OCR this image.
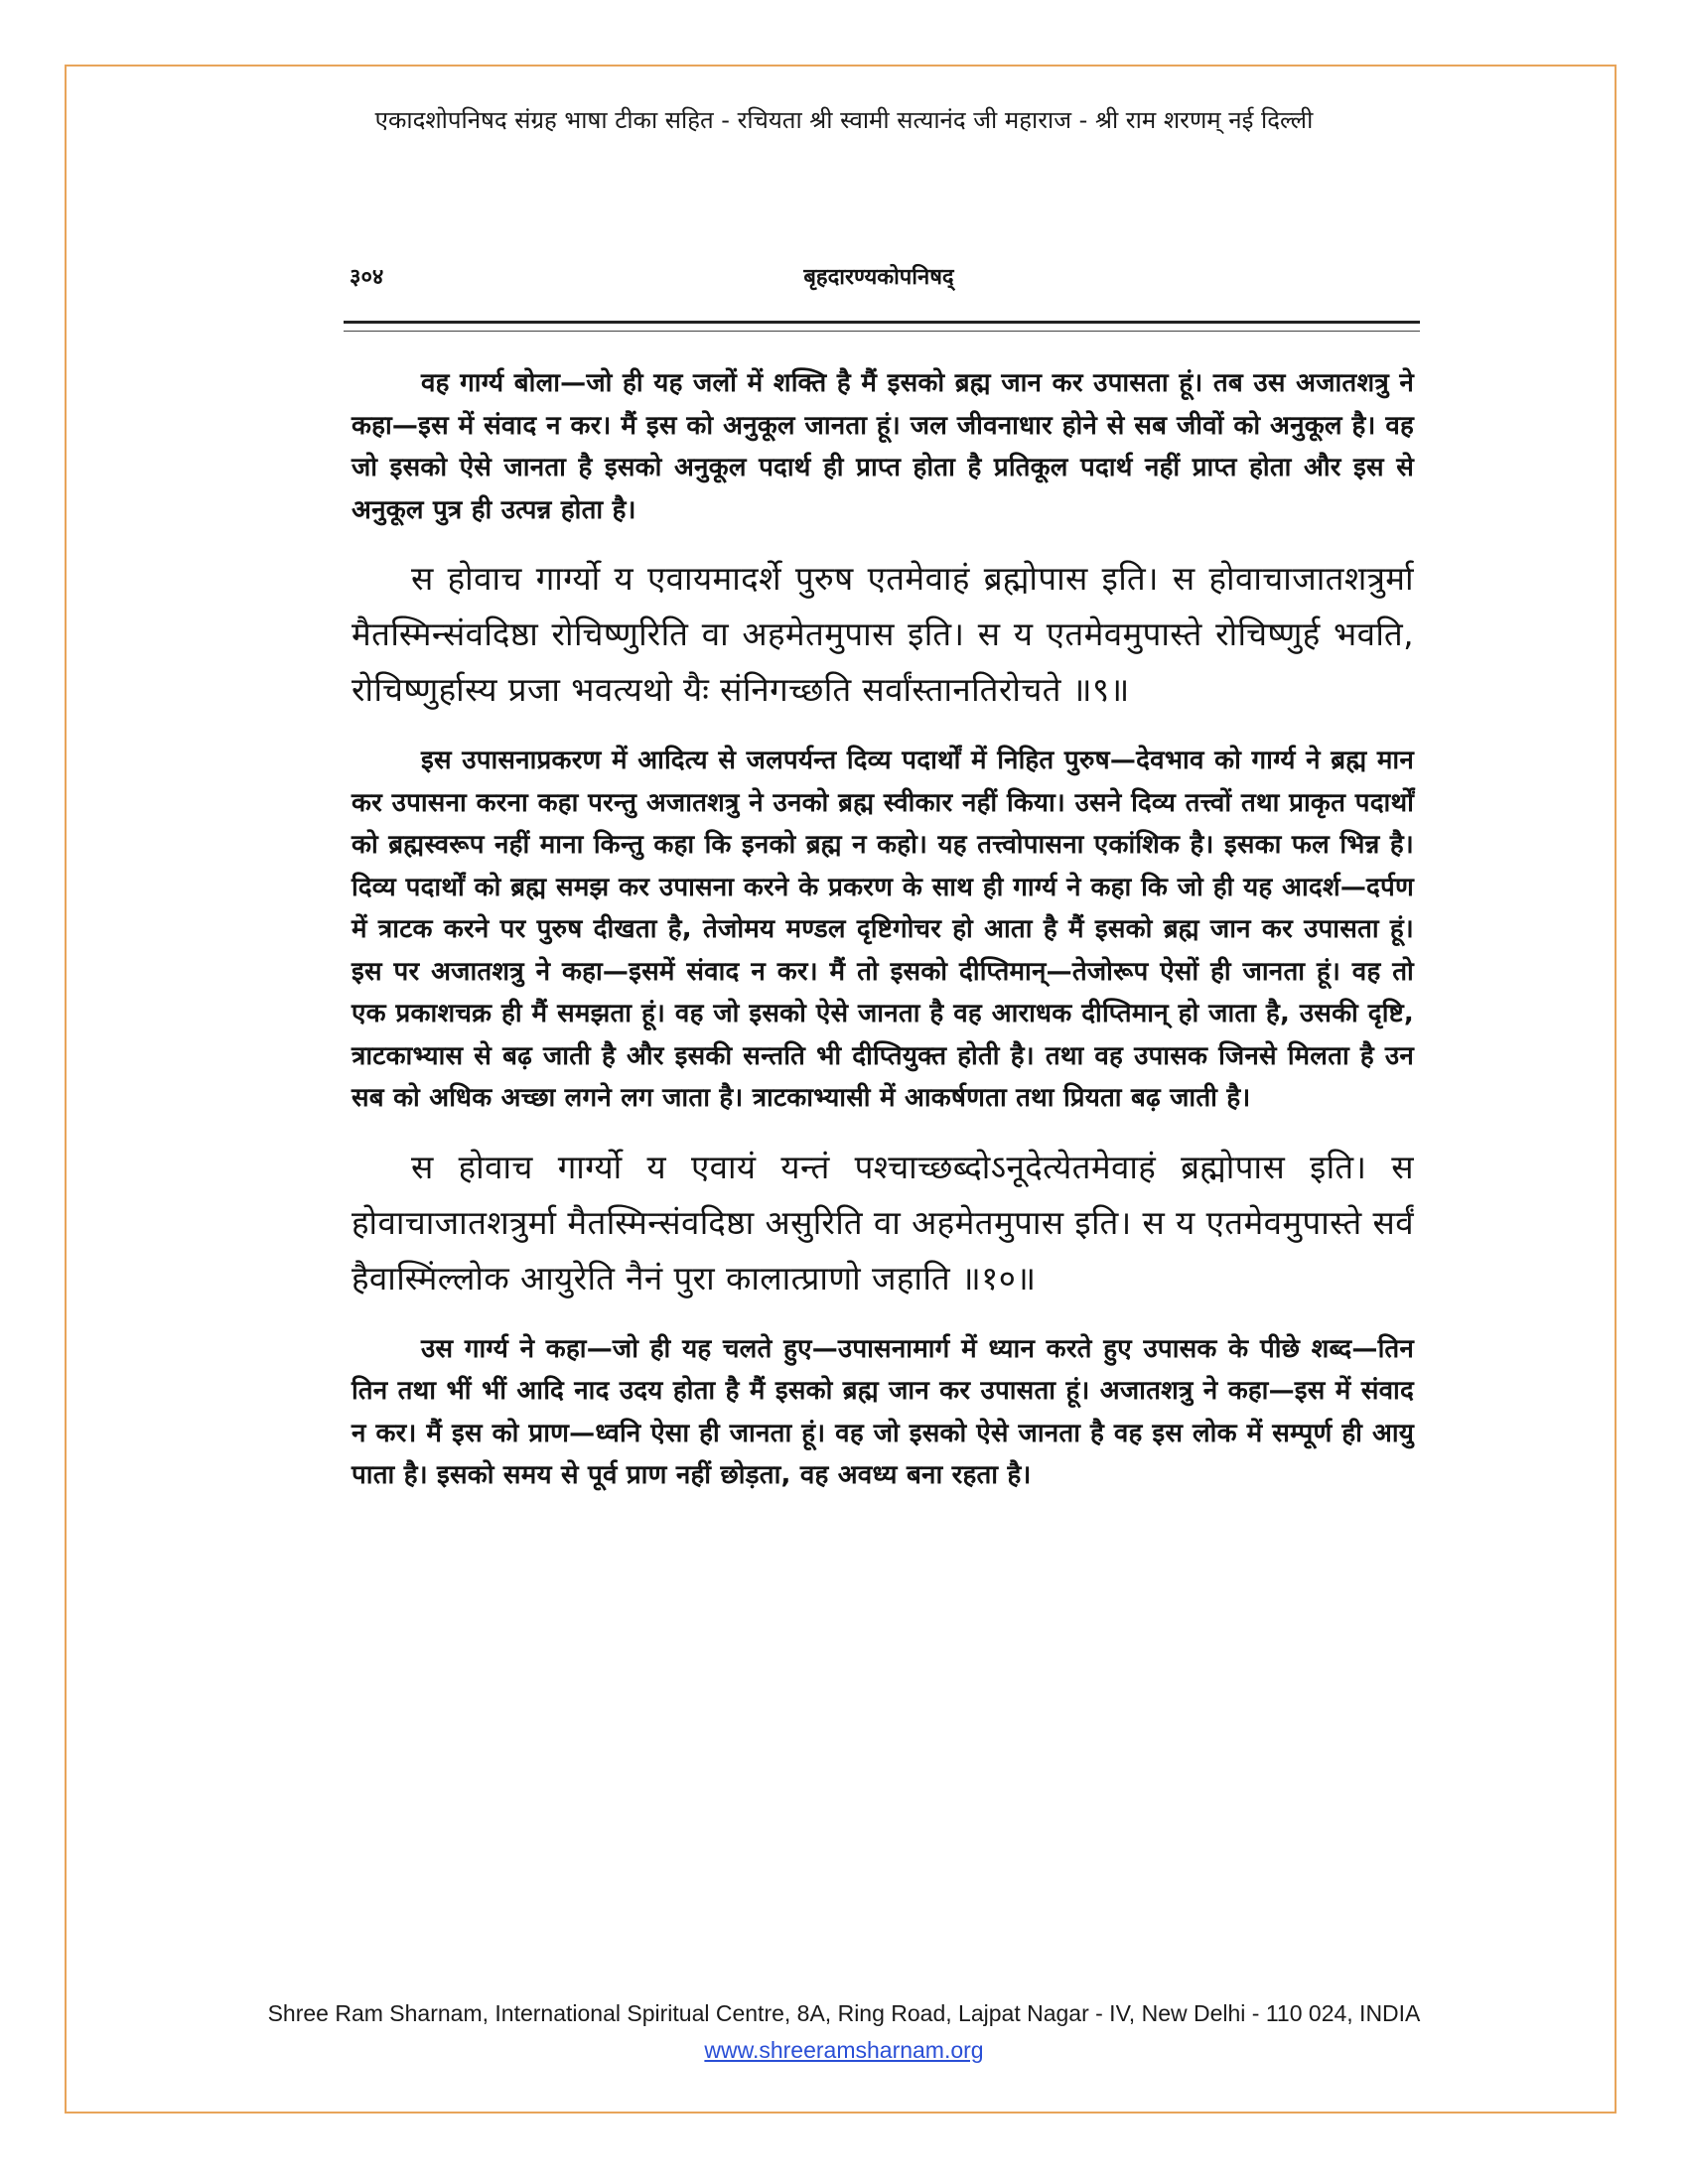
एकादशोपनिषद संग्रह भाषा टीका सहित - रचियता श्री स्वामी सत्यानंद जी महाराज - श्री राम शरणम् नई दिल्ली
३०४	बृहदारण्यकोपनिषद्

वह गार्ग्य बोला—जो ही यह जलों में शक्ति है मैं इसको ब्रह्म जान कर उपासता हूं। तब उस अजातशत्रु ने कहा—इस में संवाद न कर। मैं इस को अनुकूल जानता हूं। जल जीवनाधार होने से सब जीवों को अनुकूल है। वह जो इसको ऐसे जानता है इसको अनुकूल पदार्थ ही प्राप्त होता है प्रतिकूल पदार्थ नहीं प्राप्त होता और इस से अनुकूल पुत्र ही उत्पन्न होता है।

स होवाच गार्ग्यो य एवायमादर्शे पुरुष एतमेवाहं ब्रह्मोपास इति। स होवाचाजातशत्रुर्मा मैतस्मिन्संवदिष्ठा रोचिष्णुरिति वा अहमेतमुपास इति। स य एतमेवमुपास्ते रोचिष्णुर्ह भवति, रोचिष्णुर्हास्य प्रजा भवत्यथो यैः संनिगच्छति सर्वांस्तानतिरोचते ॥९॥

इस उपासनाप्रकरण में आदित्य से जलपर्यन्त दिव्य पदार्थों में निहित पुरुष—देवभाव को गार्ग्य ने ब्रह्म मान कर उपासना करना कहा परन्तु अजातशत्रु ने उनको ब्रह्म स्वीकार नहीं किया। उसने दिव्य तत्त्वों तथा प्राकृत पदार्थों को ब्रह्मस्वरूप नहीं माना किन्तु कहा कि इनको ब्रह्म न कहो। यह तत्त्वोपासना एकांशिक है। इसका फल भिन्न है। दिव्य पदार्थों को ब्रह्म समझ कर उपासना करने के प्रकरण के साथ ही गार्ग्य ने कहा कि जो ही यह आदर्श—दर्पण में त्राटक करने पर पुरुष दीखता है, तेजोमय मण्डल दृष्टिगोचर हो आता है मैं इसको ब्रह्म जान कर उपासता हूं। इस पर अजातशत्रु ने कहा—इसमें संवाद न कर। मैं तो इसको दीप्तिमान्—तेजोरूप ऐसों ही जानता हूं। वह तो एक प्रकाशचक्र ही मैं समझता हूं। वह जो इसको ऐसे जानता है वह आराधक दीप्तिमान् हो जाता है, उसकी दृष्टि, त्राटकाभ्यास से बढ़ जाती है और इसकी सन्तति भी दीप्तियुक्त होती है। तथा वह उपासक जिनसे मिलता है उन सब को अधिक अच्छा लगने लग जाता है। त्राटकाभ्यासी में आकर्षणता तथा प्रियता बढ़ जाती है।

स होवाच गार्ग्यो य एवायं यन्तं पश्चाच्छब्दोऽनूदेत्येतमेवाहं ब्रह्मोपास इति। स होवाचाजातशत्रुर्मा मैतस्मिन्संवदिष्ठा असुरिति वा अहमेतमुपास इति। स य एतमेवमुपास्ते सर्वं हैवास्मिंल्लोक आयुरेति नैनं पुरा कालात्प्राणो जहाति ॥१०॥

उस गार्ग्य ने कहा—जो ही यह चलते हुए—उपासनामार्ग में ध्यान करते हुए उपासक के पीछे शब्द—तिन तिन तथा भीं भीं आदि नाद उदय होता है मैं इसको ब्रह्म जान कर उपासता हूं। अजातशत्रु ने कहा—इस में संवाद न कर। मैं इस को प्राण—ध्वनि ऐसा ही जानता हूं। वह जो इसको ऐसे जानता है वह इस लोक में सम्पूर्ण ही आयु पाता है। इसको समय से पूर्व प्राण नहीं छोड़ता, वह अवध्य बना रहता है।

Shree Ram Sharnam, International Spiritual Centre, 8A, Ring Road, Lajpat Nagar - IV, New Delhi - 110 024, INDIA
www.shreeramsharnam.org
